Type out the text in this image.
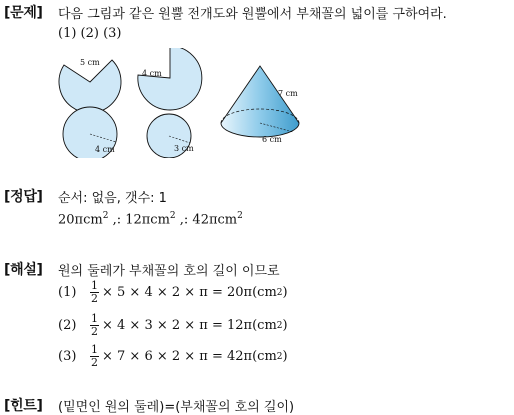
[문제] 다음 그림과 같은 원뿔 전개도와 원뿔에서 부채꼴의 넓이를 구하여라.
(1) (2) (3)
5 cm
4 cm
4 cm
3 cm
7 cm
6 cm
[정답] 순서: 없음, 갯수: 1
20πcm$^2$ ,: 12πcm$^2$ ,: 42πcm$^2$
[해설] 원의 둘레가 부채꼴의 호의 길이 이므로
(1)	$\frac{1}{2} \times 5 \times 4 \times 2 \times \pi = 20\pi(cm$ 2 )
(2)	$\frac{1}{2} \times 4 \times 3 \times 2 \times \pi = 12\pi(cm$ 2 )
(3)	$\frac{1}{2} \times 7 \times 6 \times 2 \times \pi = 42\pi(cm$ 2 )
[힌트] (밑면인 원의 둘레)=(부채꼴의 호의 길이)
